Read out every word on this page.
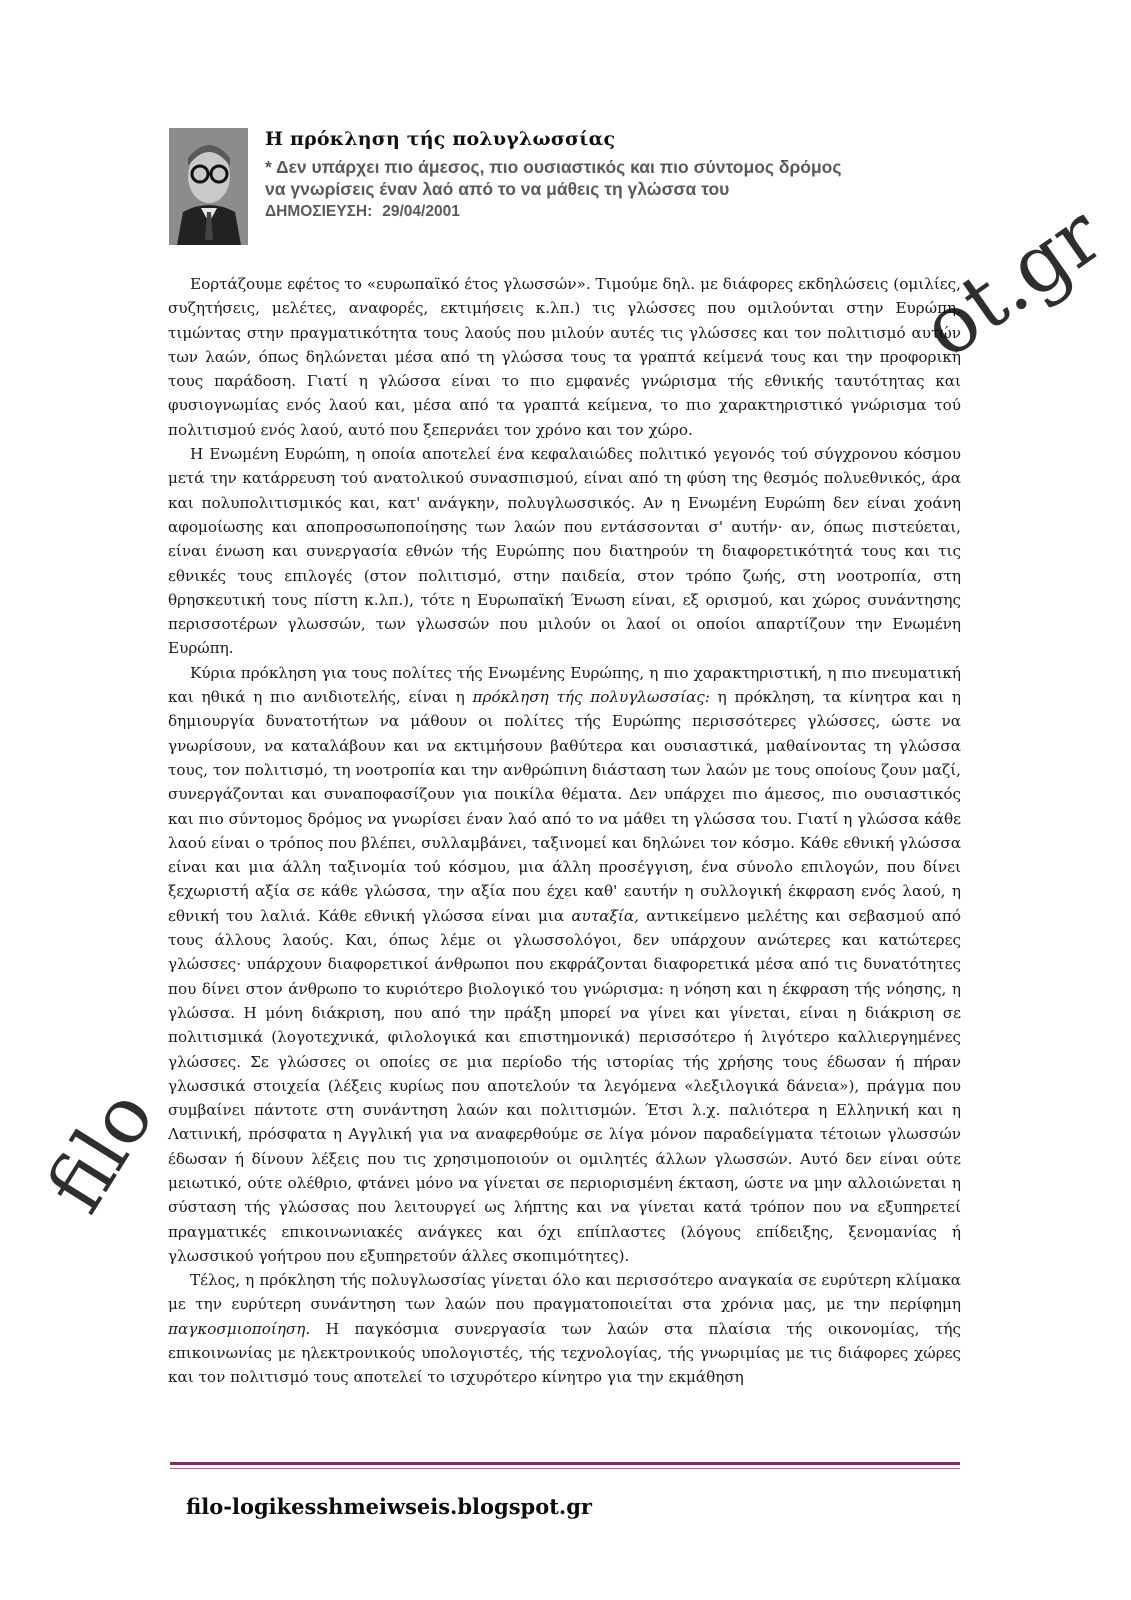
Η πρόκληση τής πολυγλωσσίας

* Δεν υπάρχει πιο άμεσος, πιο ουσιαστικός και πιο σύντομος δρόμος

να γνωρίσεις έναν λαό από το να μάθεις τη γλώσσα του

ΔΗΜΟΣΙΕΥΣΗ: 29/04/2001

Εορτάζουμε εφέτος το «ευρωπαϊκό έτος γλωσσών». Τιμούμε δηλ. με διάφορες εκδηλώσεις (ομιλίες, συζητήσεις, μελέτες, αναφορές, εκτιμήσεις κ.λπ.) τις γλώσσες που ομιλούνται στην Ευρώπη, τιμώντας στην πραγματικότητα τους λαούς που μιλούν αυτές τις γλώσσες και τον πολιτισμό αυτών των λαών, όπως δηλώνεται μέσα από τη γλώσσα τους τα γραπτά κείμενά τους και την προφορική τους παράδοση. Γιατί η γλώσσα είναι το πιο εμφανές γνώρισμα τής εθνικής ταυτότητας και φυσιογνωμίας ενός λαού και, μέσα από τα γραπτά κείμενα, το πιο χαρακτηριστικό γνώρισμα τού πολιτισμού ενός λαού, αυτό που ξεπερνάει τον χρόνο και τον χώρο.

Η Ενωμένη Ευρώπη, η οποία αποτελεί ένα κεφαλαιώδες πολιτικό γεγονός τού σύγχρονου κόσμου μετά την κατάρρευση τού ανατολικού συνασπισμού, είναι από τη φύση της θεσμός πολυεθνικός, άρα και πολυπολιτισμικός και, κατ' ανάγκην, πολυγλωσσικός. Αν η Ενωμένη Ευρώπη δεν είναι χοάνη αφομοίωσης και αποπροσωποποίησης των λαών που εντάσσονται σ' αυτήν· αν, όπως πιστεύεται, είναι ένωση και συνεργασία εθνών τής Ευρώπης που διατηρούν τη διαφορετικότητά τους και τις εθνικές τους επιλογές (στον πολιτισμό, στην παιδεία, στον τρόπο ζωής, στη νοοτροπία, στη θρησκευτική τους πίστη κ.λπ.), τότε η Ευρωπαϊκή Ένωση είναι, εξ ορισμού, και χώρος συνάντησης περισσοτέρων γλωσσών, των γλωσσών που μιλούν οι λαοί οι οποίοι απαρτίζουν την Ενωμένη Ευρώπη.

Κύρια πρόκληση για τους πολίτες τής Ενωμένης Ευρώπης, η πιο χαρακτηριστική, η πιο πνευματική και ηθικά η πιο ανιδιοτελής, είναι η πρόκληση τής πολυγλωσσίας: η πρόκληση, τα κίνητρα και η δημιουργία δυνατοτήτων να μάθουν οι πολίτες τής Ευρώπης περισσότερες γλώσσες, ώστε να γνωρίσουν, να καταλάβουν και να εκτιμήσουν βαθύτερα και ουσιαστικά, μαθαίνοντας τη γλώσσα τους, τον πολιτισμό, τη νοοτροπία και την ανθρώπινη διάσταση των λαών με τους οποίους ζουν μαζί, συνεργάζονται και συναποφασίζουν για ποικίλα θέματα. Δεν υπάρχει πιο άμεσος, πιο ουσιαστικός και πιο σύντομος δρόμος να γνωρίσει έναν λαό από το να μάθει τη γλώσσα του. Γιατί η γλώσσα κάθε λαού είναι ο τρόπος που βλέπει, συλλαμβάνει, ταξινομεί και δηλώνει τον κόσμο. Κάθε εθνική γλώσσα είναι και μια άλλη ταξινομία τού κόσμου, μια άλλη προσέγγιση, ένα σύνολο επιλογών, που δίνει ξεχωριστή αξία σε κάθε γλώσσα, την αξία που έχει καθ' εαυτήν η συλλογική έκφραση ενός λαού, η εθνική του λαλιά. Κάθε εθνική γλώσσα είναι μια αυταξία, αντικείμενο μελέτης και σεβασμού από τους άλλους λαούς. Και, όπως λέμε οι γλωσσολόγοι, δεν υπάρχουν ανώτερες και κατώτερες γλώσσες· υπάρχουν διαφορετικοί άνθρωποι που εκφράζονται διαφορετικά μέσα από τις δυνατότητες που δίνει στον άνθρωπο το κυριότερο βιολογικό του γνώρισμα: η νόηση και η έκφραση τής νόησης, η γλώσσα. Η μόνη διάκριση, που από την πράξη μπορεί να γίνει και γίνεται, είναι η διάκριση σε πολιτισμικά (λογοτεχνικά, φιλολογικά και επιστημονικά) περισσότερο ή λιγότερο καλλιεργημένες γλώσσες. Σε γλώσσες οι οποίες σε μια περίοδο τής ιστορίας τής χρήσης τους έδωσαν ή πήραν γλωσσικά στοιχεία (λέξεις κυρίως που αποτελούν τα λεγόμενα «λεξιλογικά δάνεια»), πράγμα που συμβαίνει πάντοτε στη συνάντηση λαών και πολιτισμών. Έτσι λ.χ. παλιότερα η Ελληνική και η Λατινική, πρόσφατα η Αγγλική για να αναφερθούμε σε λίγα μόνον παραδείγματα τέτοιων γλωσσών έδωσαν ή δίνουν λέξεις που τις χρησιμοποιούν οι ομιλητές άλλων γλωσσών. Αυτό δεν είναι ούτε μειωτικό, ούτε ολέθριο, φτάνει μόνο να γίνεται σε περιορισμένη έκταση, ώστε να μην αλλοιώνεται η σύσταση τής γλώσσας που λειτουργεί ως λήπτης και να γίνεται κατά τρόπον που να εξυπηρετεί πραγματικές επικοινωνιακές ανάγκες και όχι επίπλαστες (λόγους επίδειξης, ξενομανίας ή γλωσσικού γοήτρου που εξυπηρετούν άλλες σκοπιμότητες).

Τέλος, η πρόκληση τής πολυγλωσσίας γίνεται όλο και περισσότερο αναγκαία σε ευρύτερη κλίμακα με την ευρύτερη συνάντηση των λαών που πραγματοποιείται στα χρόνια μας, με την περίφημη παγκοσμιοποίηση. Η παγκόσμια συνεργασία των λαών στα πλαίσια τής οικονομίας, τής επικοινωνίας με ηλεκτρονικούς υπολογιστές, τής τεχνολογίας, τής γνωριμίας με τις διάφορες χώρες και τον πολιτισμό τους αποτελεί το ισχυρότερο κίνητρο για την εκμάθηση

filo-logikesshmeiwseis.blogspot.gr
ot.gr
filo
